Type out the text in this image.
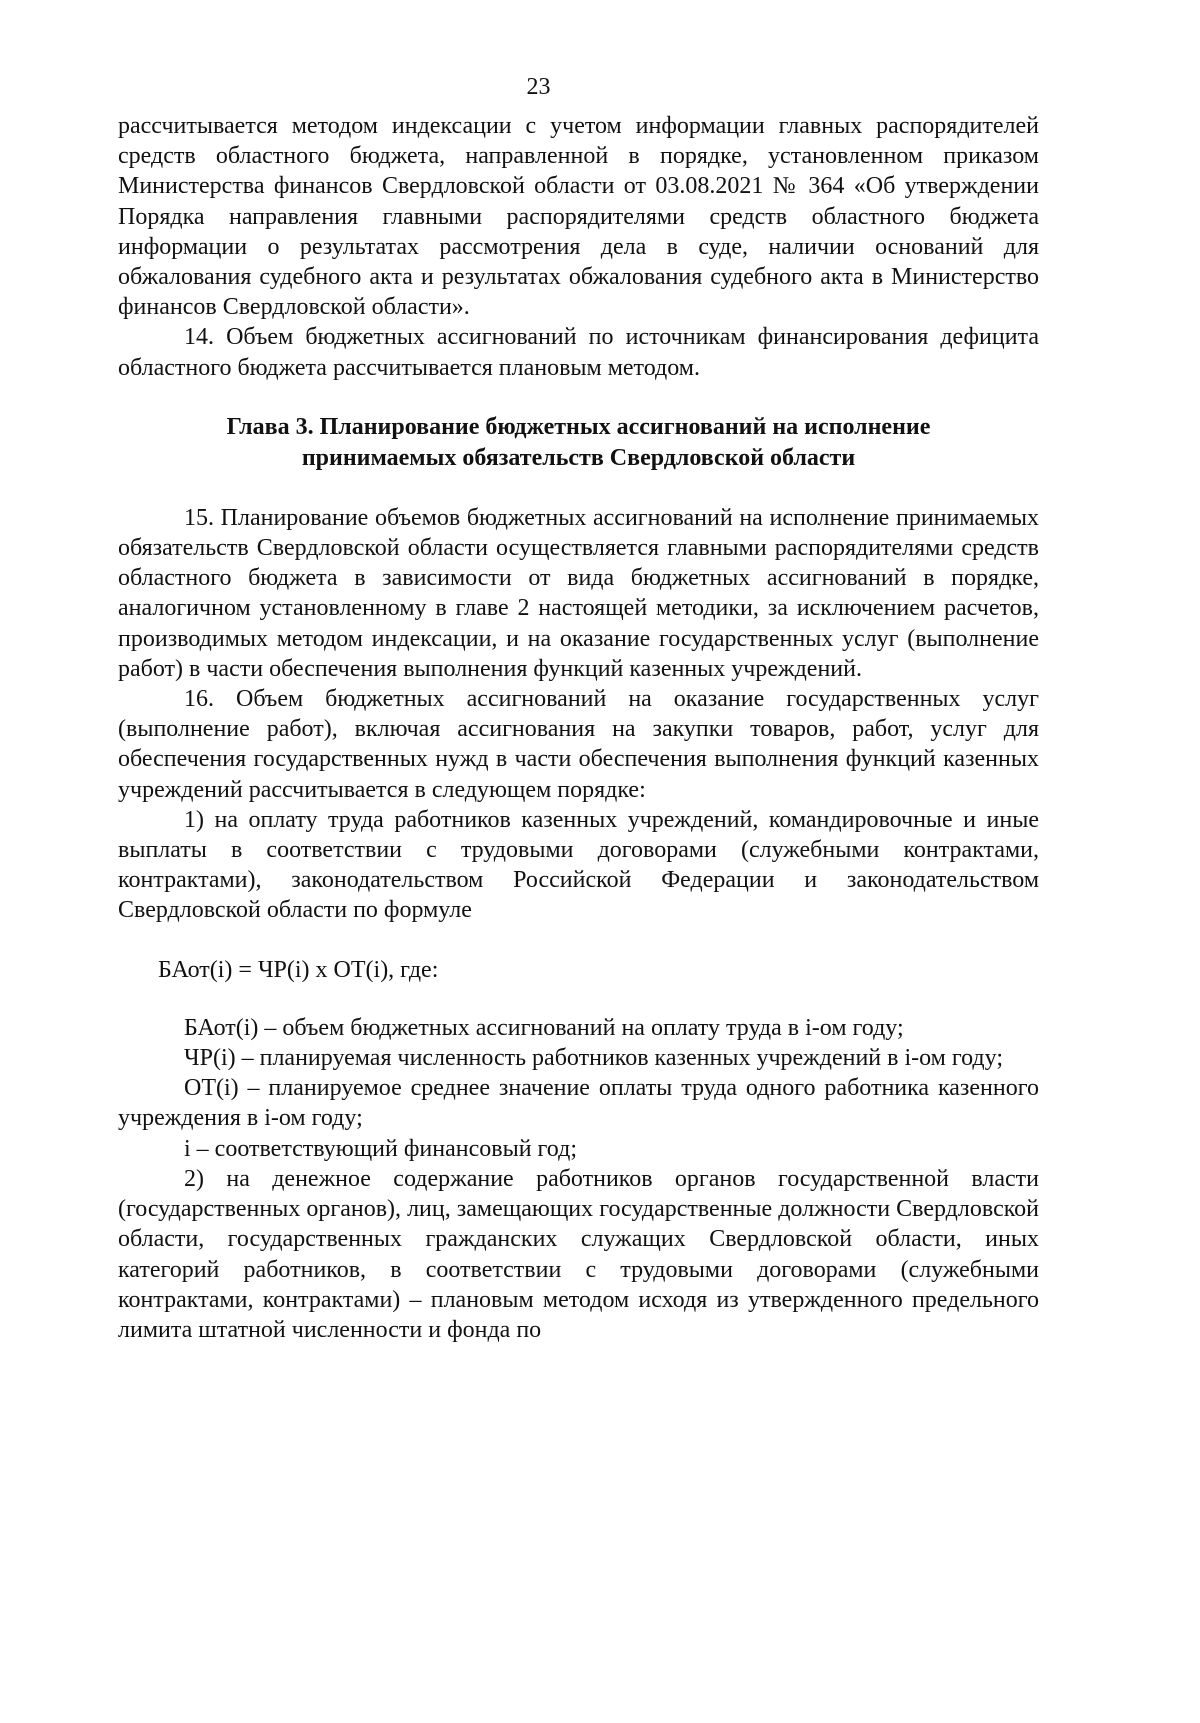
23

рассчитывается методом индексации с учетом информации главных распорядителей средств областного бюджета, направленной в порядке, установленном приказом Министерства финансов Свердловской области от 03.08.2021 № 364 «Об утверждении Порядка направления главными распорядителями средств областного бюджета информации о результатах рассмотрения дела в суде, наличии оснований для обжалования судебного акта и результатах обжалования судебного акта в Министерство финансов Свердловской области».

14. Объем бюджетных ассигнований по источникам финансирования дефицита областного бюджета рассчитывается плановым методом.

Глава 3. Планирование бюджетных ассигнований на исполнение
принимаемых обязательств Свердловской области

15. Планирование объемов бюджетных ассигнований на исполнение принимаемых обязательств Свердловской области осуществляется главными распорядителями средств областного бюджета в зависимости от вида бюджетных ассигнований в порядке, аналогичном установленному в главе 2 настоящей методики, за исключением расчетов, производимых методом индексации, и на оказание государственных услуг (выполнение работ) в части обеспечения выполнения функций казенных учреждений.

16. Объем бюджетных ассигнований на оказание государственных услуг (выполнение работ), включая ассигнования на закупки товаров, работ, услуг для обеспечения государственных нужд в части обеспечения выполнения функций казенных учреждений рассчитывается в следующем порядке:

1) на оплату труда работников казенных учреждений, командировочные и иные выплаты в соответствии с трудовыми договорами (служебными контрактами, контрактами), законодательством Российской Федерации и законодательством Свердловской области по формуле

БАот(i) = ЧР(i) х ОТ(i), где:

БАот(i) – объем бюджетных ассигнований на оплату труда в i-ом году;

ЧР(i) – планируемая численность работников казенных учреждений в i-ом году;

ОТ(i) – планируемое среднее значение оплаты труда одного работника казенного учреждения в i-ом году;

i – соответствующий финансовый год;

2) на денежное содержание работников органов государственной власти (государственных органов), лиц, замещающих государственные должности Свердловской области, государственных гражданских служащих Свердловской области, иных категорий работников, в соответствии с трудовыми договорами (служебными контрактами, контрактами) – плановым методом исходя из утвержденного предельного лимита штатной численности и фонда по
